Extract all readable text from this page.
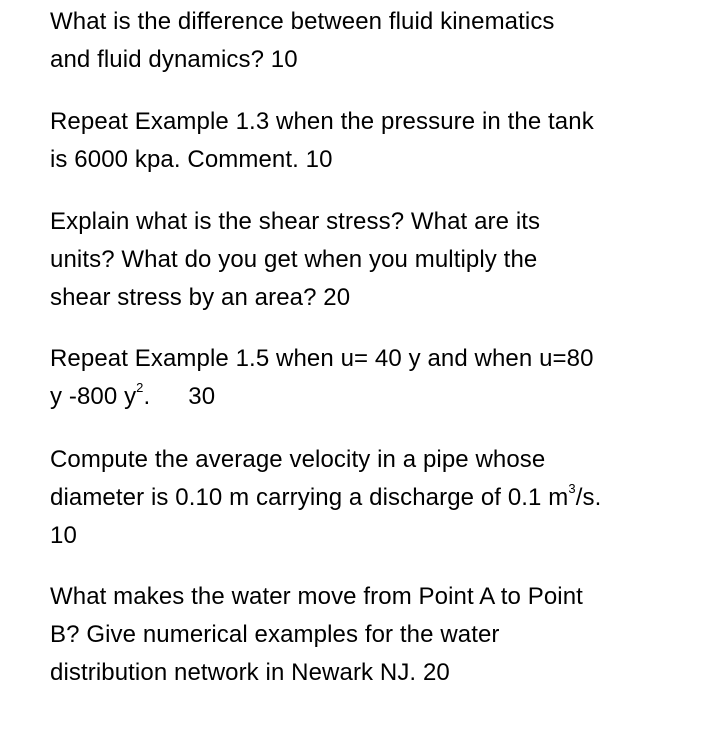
What is the difference between fluid kinematics
and fluid dynamics? 10
Repeat Example 1.3 when the pressure in the tank
is 6000 kpa. Comment. 10
Explain what is the shear stress? What are its
units? What do you get when you multiply the
shear stress by an area? 20
Repeat Example 1.5 when u= 40 y and when u=80
y -800 $y^2$. 30
Compute the average velocity in a pipe whose
diameter is 0.10 m carrying a discharge of 0.1 $m^3/s$.
10
What makes the water move from Point A to Point
B? Give numerical examples for the water
distribution network in Newark NJ. 20
